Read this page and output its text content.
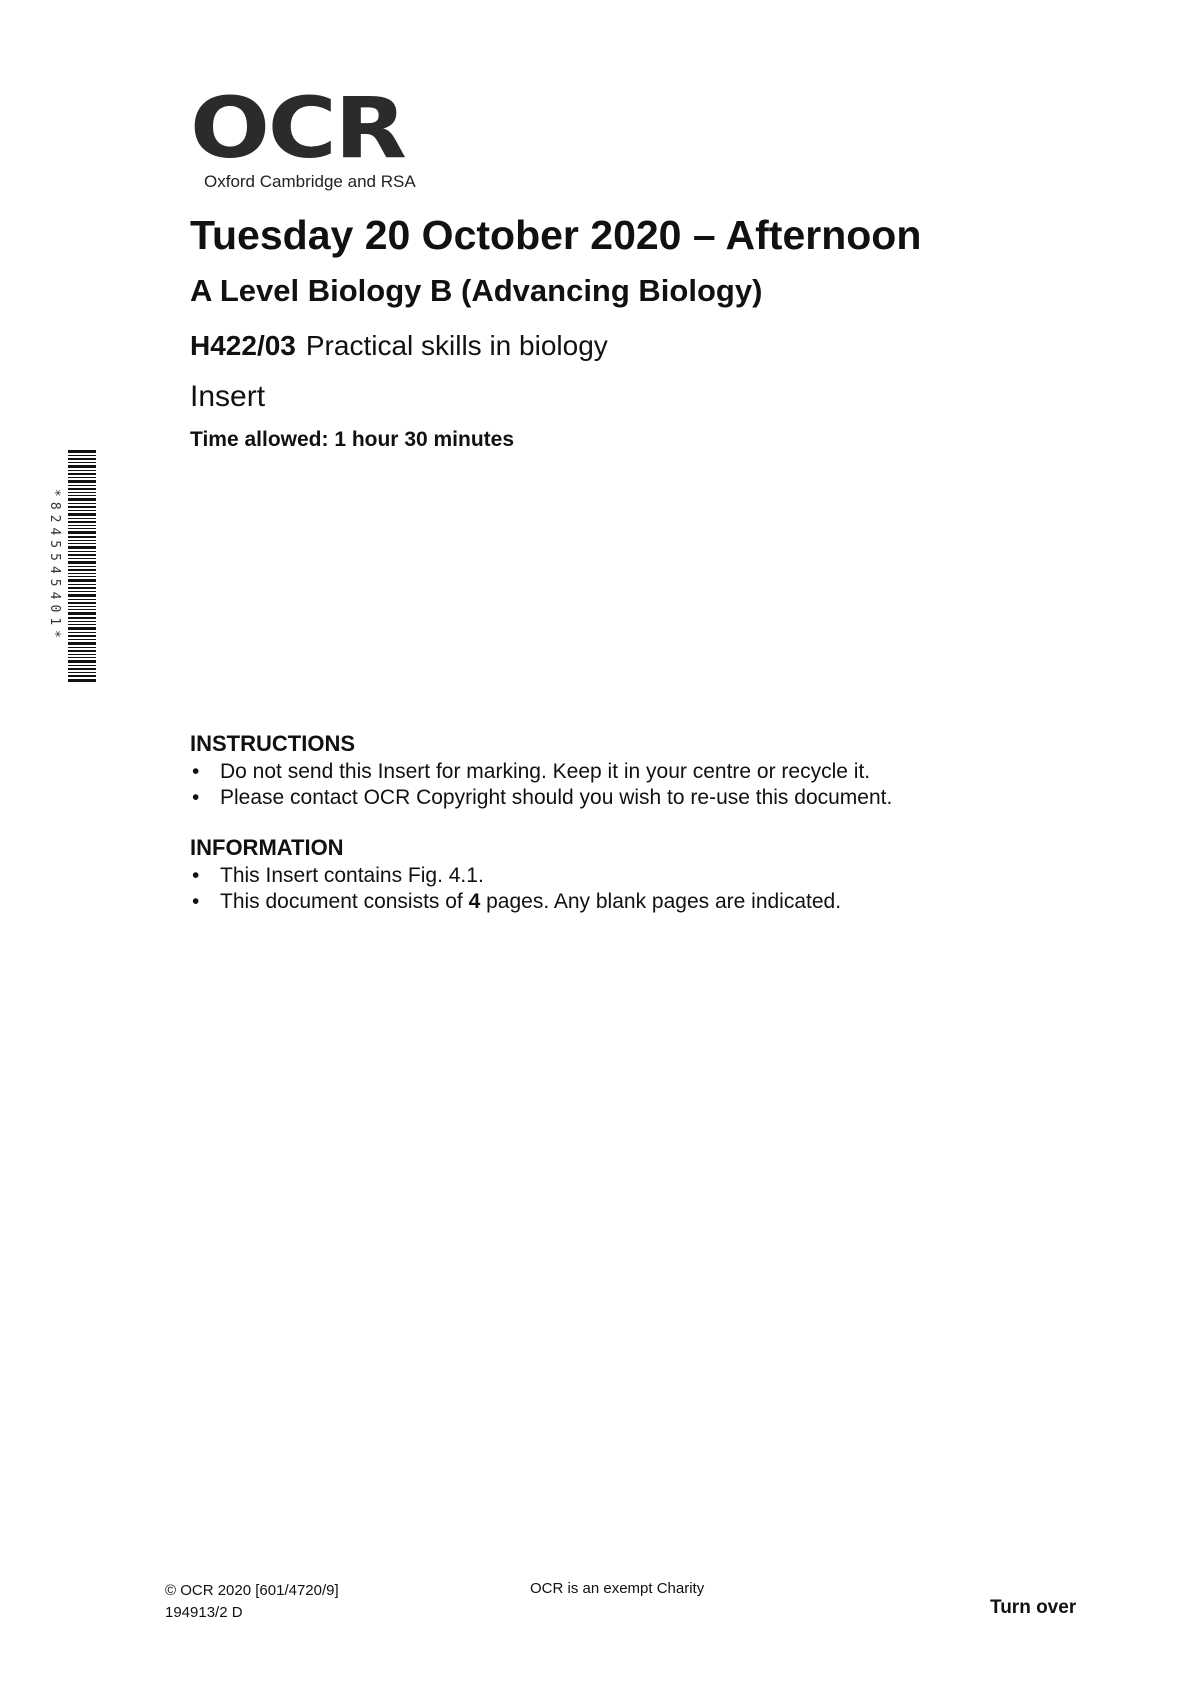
OCR
Oxford Cambridge and RSA
Tuesday 20 October 2020 – Afternoon
A Level Biology B (Advancing Biology)
H422/03 Practical skills in biology
Insert
Time allowed: 1 hour 30 minutes
*8245545401*
INSTRUCTIONS
• Do not send this Insert for marking. Keep it in your centre or recycle it.
• Please contact OCR Copyright should you wish to re-use this document.
INFORMATION
• This Insert contains Fig. 4.1.
• This document consists of 4 pages. Any blank pages are indicated.
© OCR 2020 [601/4720/9]
194913/2 D
OCR is an exempt Charity
Turn over
